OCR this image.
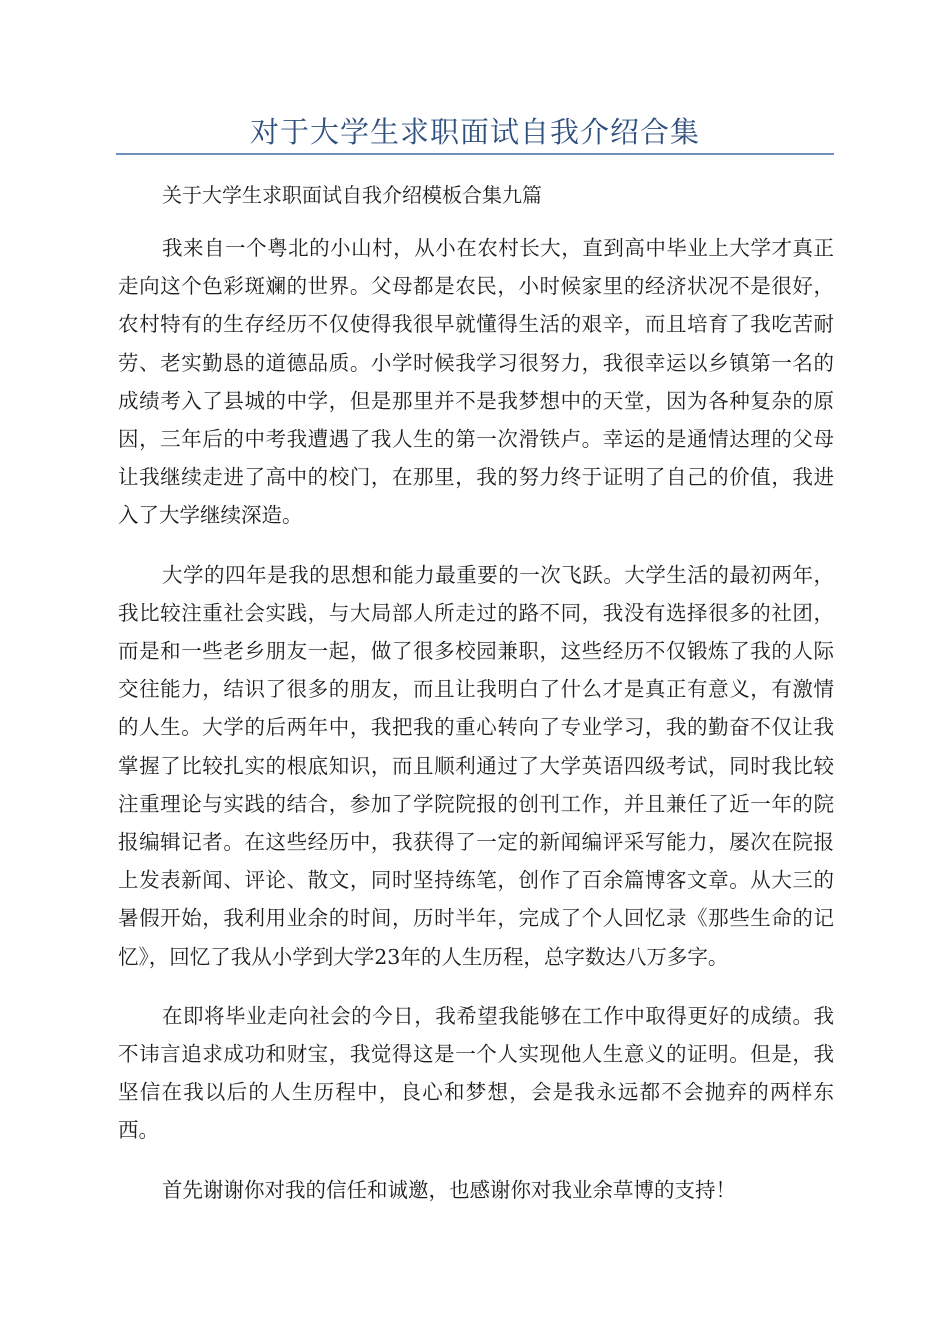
对于大学生求职面试自我介绍合集

关于大学生求职面试自我介绍模板合集九篇

我来自一个粤北的小山村，从小在农村长大，直到高中毕业上大学才真正走向这个色彩斑斓的世界。父母都是农民，小时候家里的经济状况不是很好，农村特有的生存经历不仅使得我很早就懂得生活的艰辛，而且培育了我吃苦耐劳、老实勤恳的道德品质。小学时候我学习很努力，我很幸运以乡镇第一名的成绩考入了县城的中学，但是那里并不是我梦想中的天堂，因为各种复杂的原因，三年后的中考我遭遇了我人生的第一次滑铁卢。幸运的是通情达理的父母让我继续走进了高中的校门，在那里，我的努力终于证明了自己的价值，我进入了大学继续深造。

大学的四年是我的思想和能力最重要的一次飞跃。大学生活的最初两年，我比较注重社会实践，与大局部人所走过的路不同，我没有选择很多的社团，而是和一些老乡朋友一起，做了很多校园兼职，这些经历不仅锻炼了我的人际交往能力，结识了很多的朋友，而且让我明白了什么才是真正有意义，有激情的人生。大学的后两年中，我把我的重心转向了专业学习，我的勤奋不仅让我掌握了比较扎实的根底知识，而且顺利通过了大学英语四级考试，同时我比较注重理论与实践的结合，参加了学院院报的创刊工作，并且兼任了近一年的院报编辑记者。在这些经历中，我获得了一定的新闻编评采写能力，屡次在院报上发表新闻、评论、散文，同时坚持练笔，创作了百余篇博客文章。从大三的暑假开始，我利用业余的时间，历时半年，完成了个人回忆录《那些生命的记忆》，回忆了我从小学到大学23年的人生历程，总字数达八万多字。

在即将毕业走向社会的今日，我希望我能够在工作中取得更好的成绩。我不讳言追求成功和财宝，我觉得这是一个人实现他人生意义的证明。但是，我坚信在我以后的人生历程中，良心和梦想，会是我永远都不会抛弃的两样东西。

首先谢谢你对我的信任和诚邀，也感谢你对我业余草博的支持！
